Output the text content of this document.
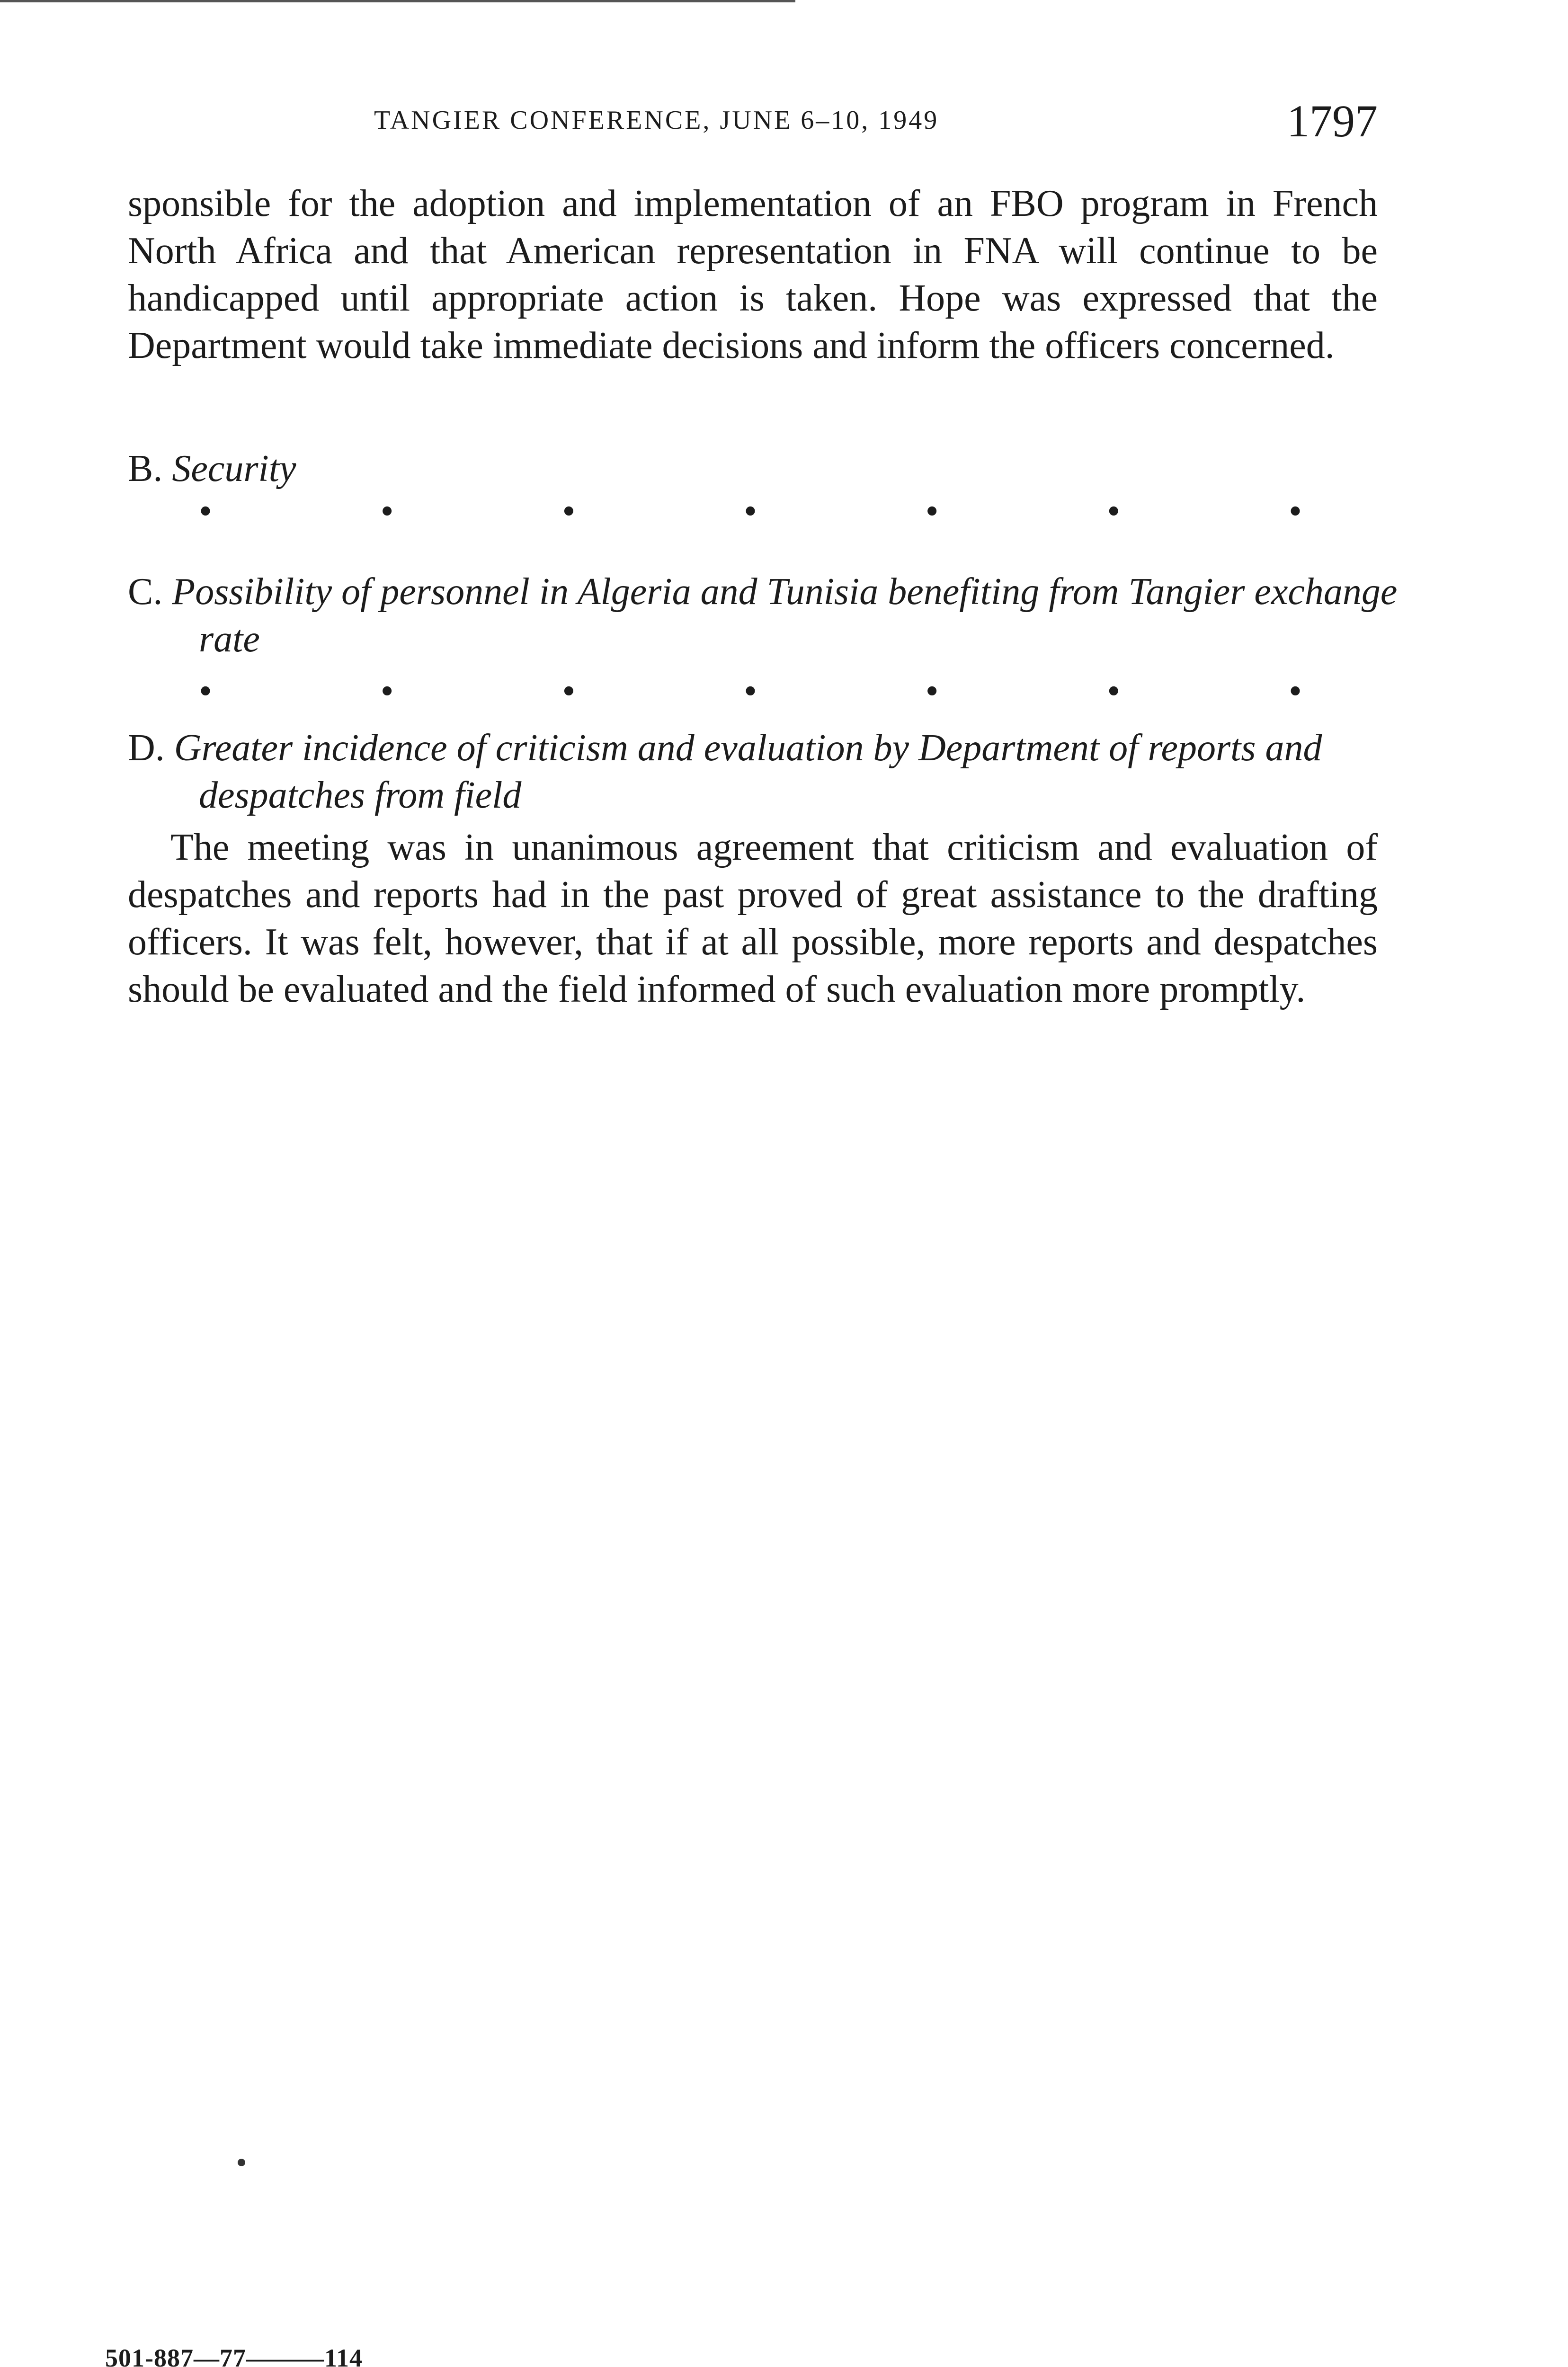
TANGIER CONFERENCE, JUNE 6–10, 1949	1797

sponsible for the adoption and implementation of an FBO program in French North Africa and that American representation in FNA will continue to be handicapped until appropriate action is taken. Hope was expressed that the Department would take immediate decisions and inform the officers concerned.

B. Security
•	•	•	•	•	•	•
C. Possibility of personnel in Algeria and Tunisia benefiting from Tangier exchange rate
•	•	•	•	•	•	•
D. Greater incidence of criticism and evaluation by Department of reports and despatches from field

The meeting was in unanimous agreement that criticism and evaluation of despatches and reports had in the past proved of great assistance to the drafting officers. It was felt, however, that if at all possible, more reports and despatches should be evaluated and the field informed of such evaluation more promptly.

501-887—77———114
